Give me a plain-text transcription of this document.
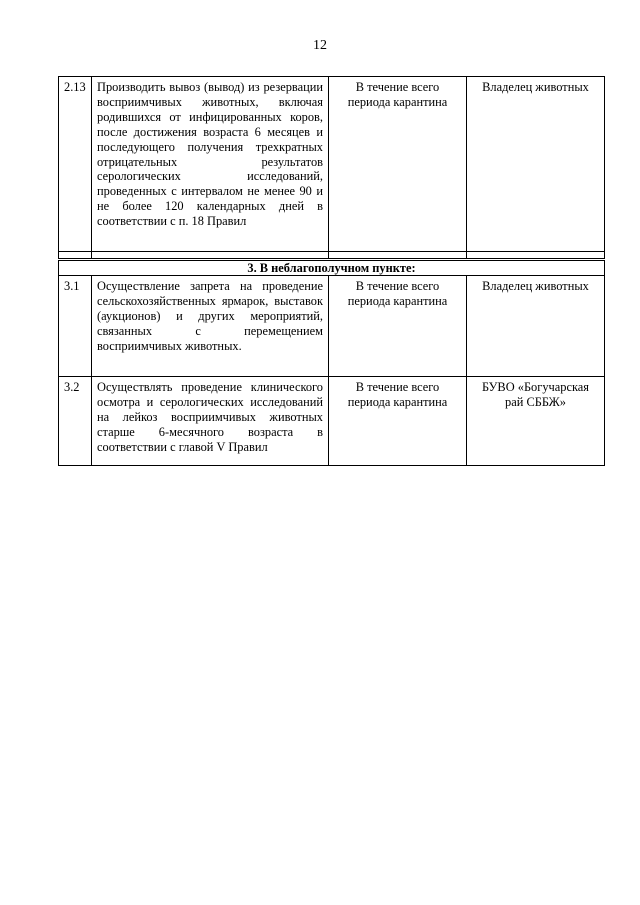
12
2.13	Производить вывоз (вывод) из резервации восприимчивых животных, включая родившихся от инфицированных коров, после достижения возраста 6 месяцев и последующего получения трехкратных отрицательных результатов серологических исследований, проведенных с интервалом не менее 90 и не более 120 календарных дней в соответствии с п. 18 Правил	В течение всего периода карантина	Владелец животных

3. В неблагополучном пункте:			
3.1	Осуществление запрета на проведение сельскохозяйственных ярмарок, выставок (аукционов) и других мероприятий, связанных с перемещением восприимчивых животных.	В течение всего периода карантина	Владелец животных
3.2	Осуществлять проведение клинического осмотра и серологических исследований на лейкоз восприимчивых животных старше 6-месячного возраста в соответствии с главой V Правил	В течение всего периода карантина	БУВО «Богучарская рай СББЖ»
